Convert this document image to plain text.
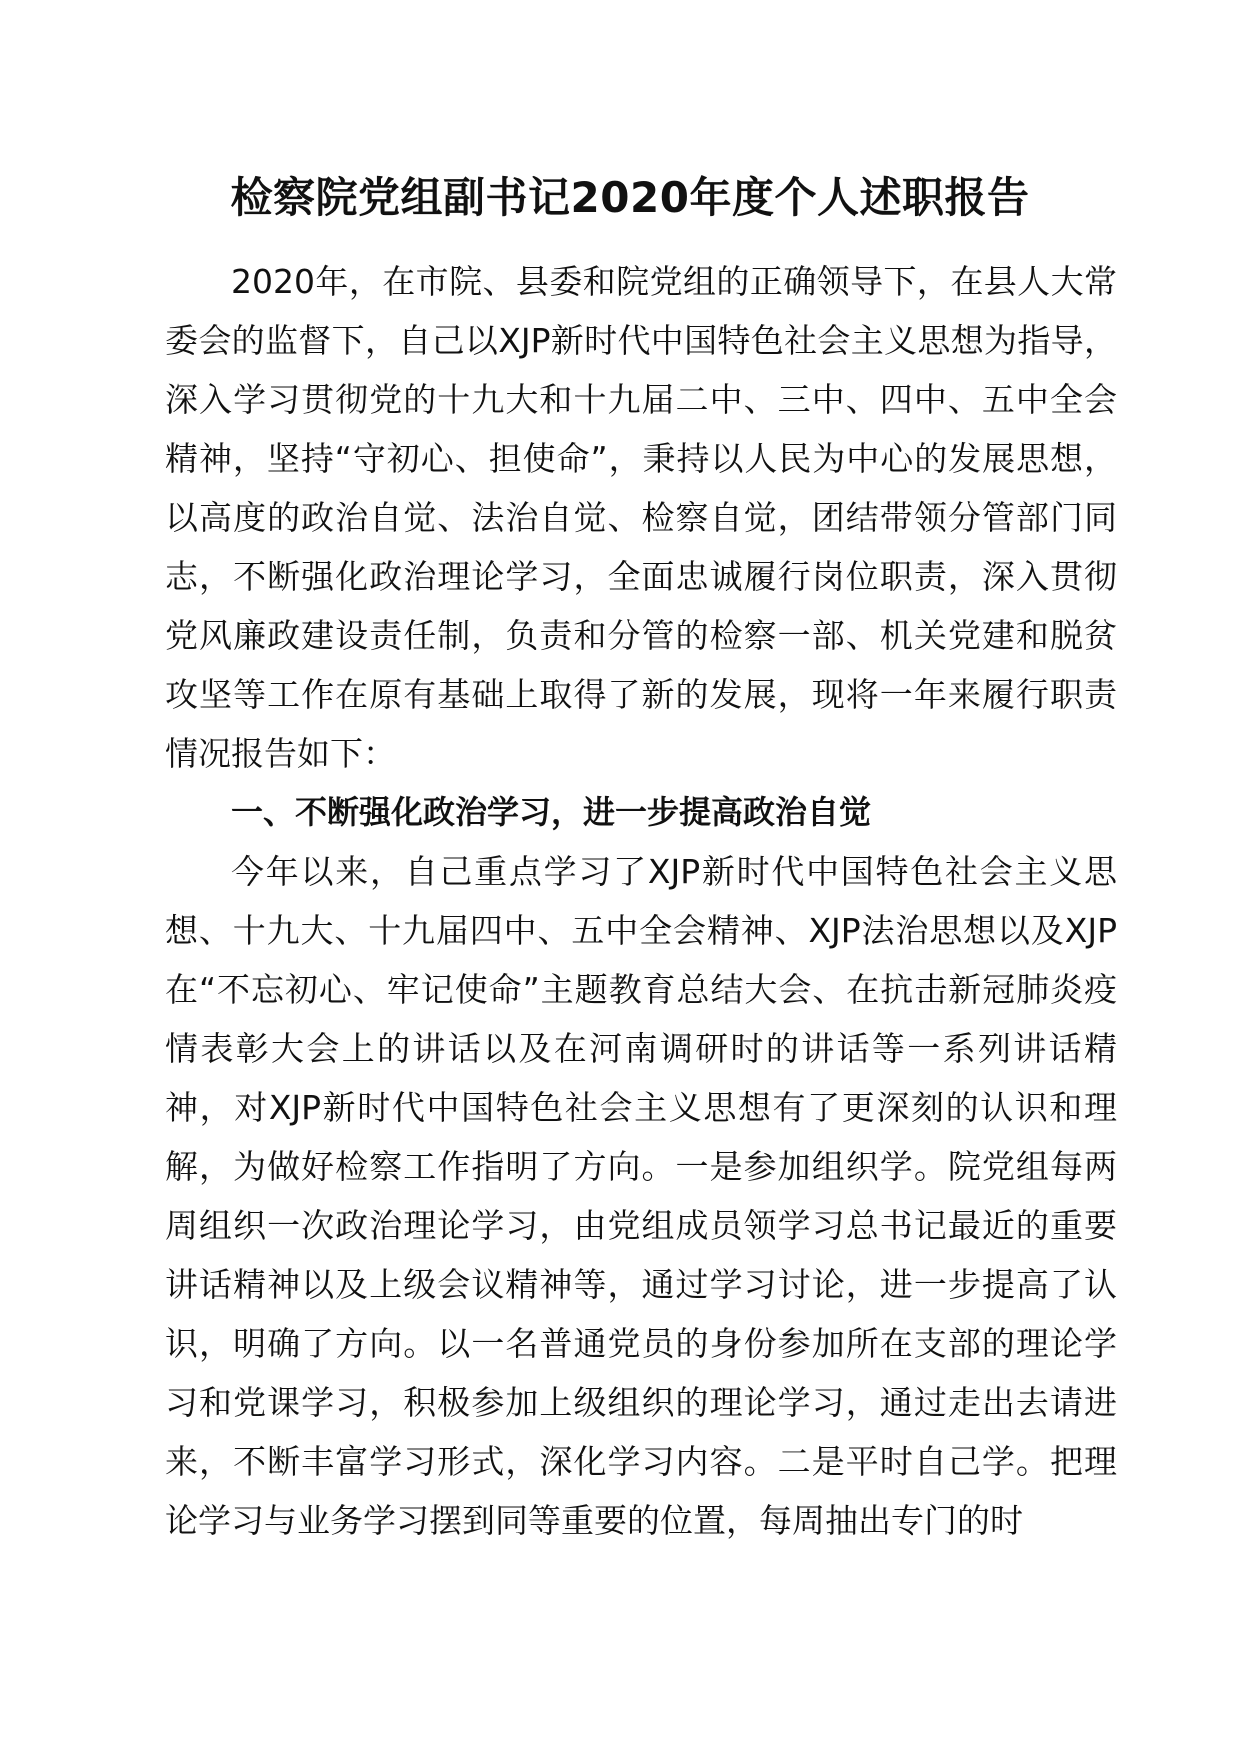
检察院党组副书记2020年度个人述职报告

2020年，在市院、县委和院党组的正确领导下，在县人大常委会的监督下，自己以XJP新时代中国特色社会主义思想为指导，深入学习贯彻党的十九大和十九届二中、三中、四中、五中全会精神，坚持“守初心、担使命”，秉持以人民为中心的发展思想，以高度的政治自觉、法治自觉、检察自觉，团结带领分管部门同志，不断强化政治理论学习，全面忠诚履行岗位职责，深入贯彻党风廉政建设责任制，负责和分管的检察一部、机关党建和脱贫攻坚等工作在原有基础上取得了新的发展，现将一年来履行职责情况报告如下：

一、不断强化政治学习，进一步提高政治自觉

今年以来，自己重点学习了XJP新时代中国特色社会主义思想、十九大、十九届四中、五中全会精神、XJP法治思想以及XJP在“不忘初心、牢记使命”主题教育总结大会、在抗击新冠肺炎疫情表彰大会上的讲话以及在河南调研时的讲话等一系列讲话精神，对XJP新时代中国特色社会主义思想有了更深刻的认识和理解，为做好检察工作指明了方向。一是参加组织学。院党组每两周组织一次政治理论学习，由党组成员领学习总书记最近的重要讲话精神以及上级会议精神等，通过学习讨论，进一步提高了认识，明确了方向。以一名普通党员的身份参加所在支部的理论学习和党课学习，积极参加上级组织的理论学习，通过走出去请进来，不断丰富学习形式，深化学习内容。二是平时自己学。把理论学习与业务学习摆到同等重要的位置，每周抽出专门的时
